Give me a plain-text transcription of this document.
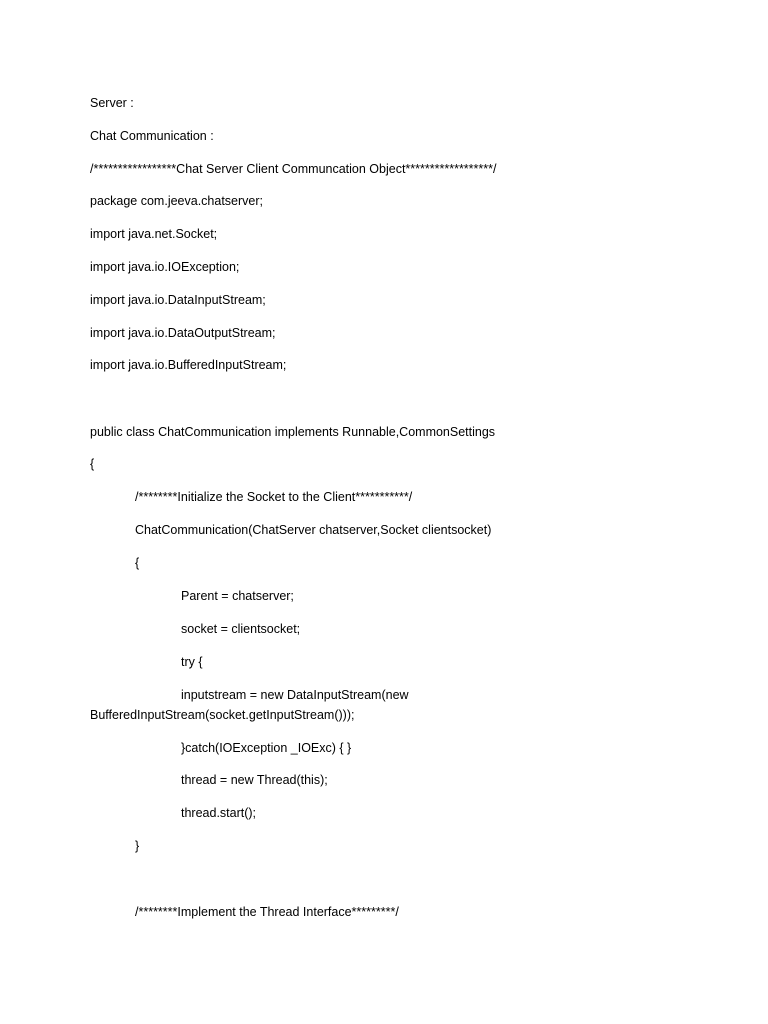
Server :
Chat Communication :
/*****************Chat Server Client Communcation Object******************/
package com.jeeva.chatserver;
import java.net.Socket;
import java.io.IOException;
import java.io.DataInputStream;
import java.io.DataOutputStream;
import java.io.BufferedInputStream;
public class ChatCommunication implements Runnable,CommonSettings
{
/********Initialize the Socket to the Client***********/
ChatCommunication(ChatServer chatserver,Socket clientsocket)
{
Parent = chatserver;
socket = clientsocket;
try {
inputstream = new DataInputStream(new
BufferedInputStream(socket.getInputStream()));
}catch(IOException _IOExc) { }
thread = new Thread(this);
thread.start();
}
/********Implement the Thread Interface*********/
